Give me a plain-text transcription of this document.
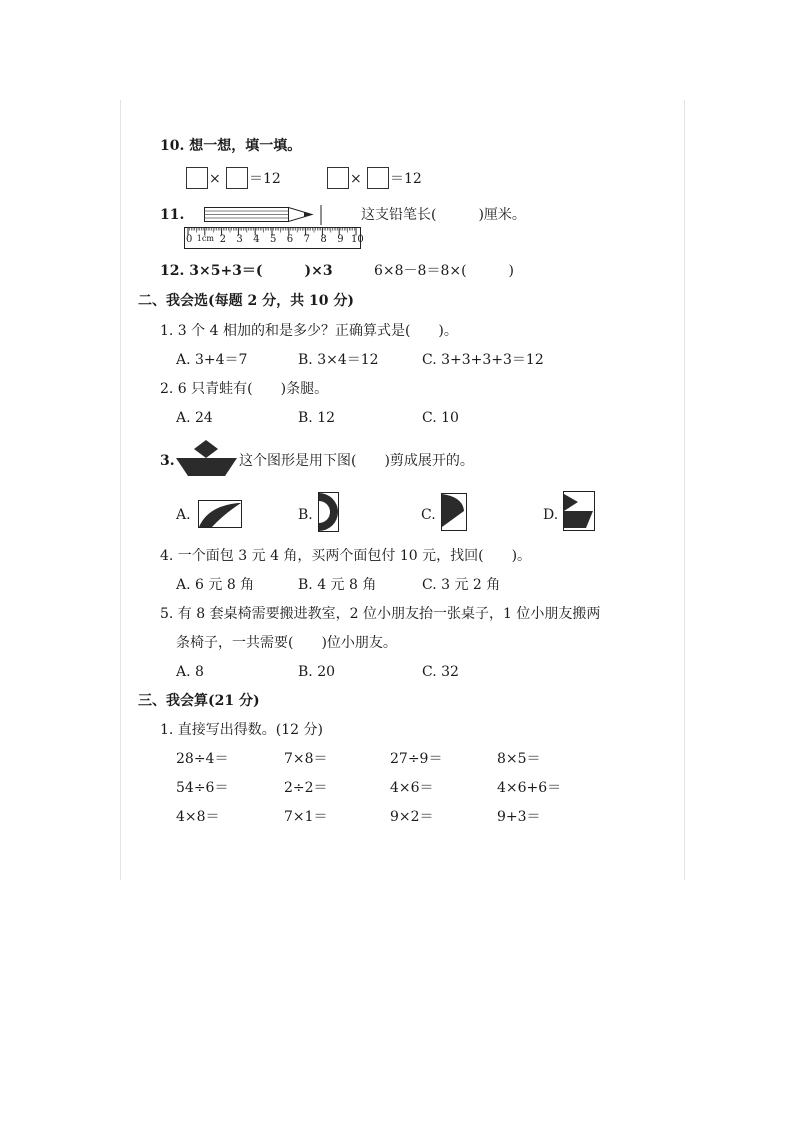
10. 想一想，填一填。
× ＝12	× ＝12
11.
0 1cm 2 3 4 5 6 7 8 9 10
这支铅笔长(　　　)厘米。
12. 3×5+3＝(　　　)×3	6×8－8＝8×(　　　)
二、我会选(每题 2 分，共 10 分)
1. 3 个 4 相加的和是多少？正确算式是(　　)。
A. 3+4＝7	B. 3×4＝12	C. 3+3+3+3＝12
2. 6 只青蛙有(　　)条腿。
A. 24	B. 12	C. 10
3.	这个图形是用下图(　　)剪成展开的。
A.	B.	C.	D.
4. 一个面包 3 元 4 角，买两个面包付 10 元，找回(　　)。
A. 6 元 8 角	B. 4 元 8 角	C. 3 元 2 角
5. 有 8 套桌椅需要搬进教室，2 位小朋友抬一张桌子，1 位小朋友搬两
条椅子，一共需要(　　)位小朋友。
A. 8	B. 20	C. 32
三、我会算(21 分)
1. 直接写出得数。(12 分)
28÷4＝	7×8＝	27÷9＝	8×5＝
54÷6＝	2÷2＝	4×6＝	4×6+6＝
4×8＝	7×1＝	9×2＝	9+3＝
